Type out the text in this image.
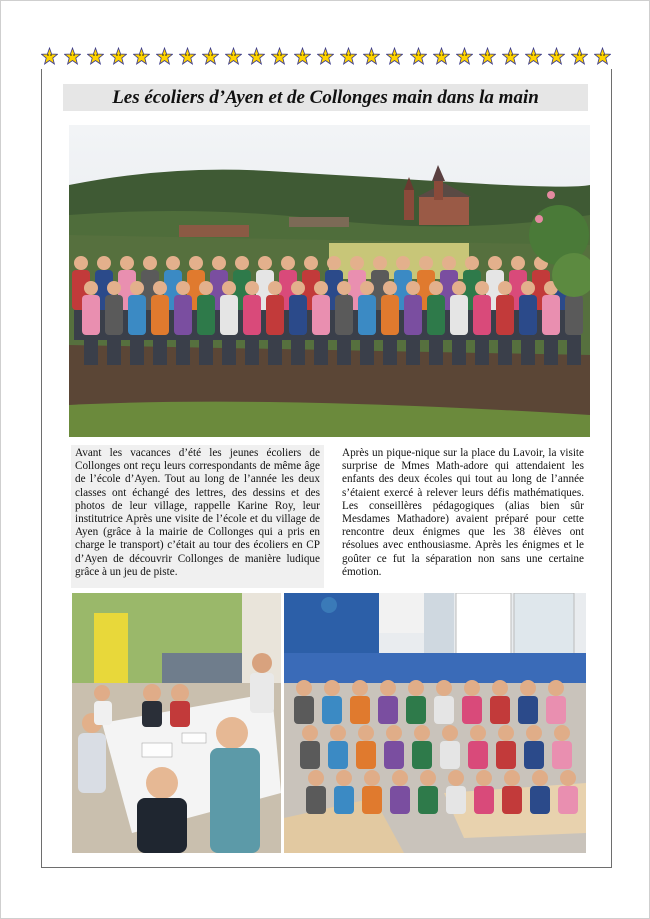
Les écoliers d’Ayen et de Collonges main dans la main
Avant les vacances d’été les jeunes écoliers de Collonges ont reçu leurs correspondants de même âge de l’école d’Ayen. Tout au long de l’année les deux classes ont échangé des lettres, des dessins et des photos de leur village, rappelle Karine Roy, leur institutrice Après une visite de l’école et du village de Ayen (grâce à la mairie de Collonges qui a pris en charge le transport) c’était au tour des écoliers en CP d’Ayen de découvrir Collonges de manière ludique grâce à un jeu de piste.
Après un pique-nique sur la place du Lavoir, la visite surprise de Mmes Math-adore qui attendaient les enfants des deux écoles qui tout au long de l’année s’étaient exercé à relever leurs défis mathématiques. Les conseillères pédagogiques (alias bien sûr Mesdames Mathadore) avaient préparé pour cette rencontre deux énigmes que les 38 élèves ont résolues avec enthousiasme. Après les énigmes et le goûter ce fut la séparation non sans une certaine émotion.
